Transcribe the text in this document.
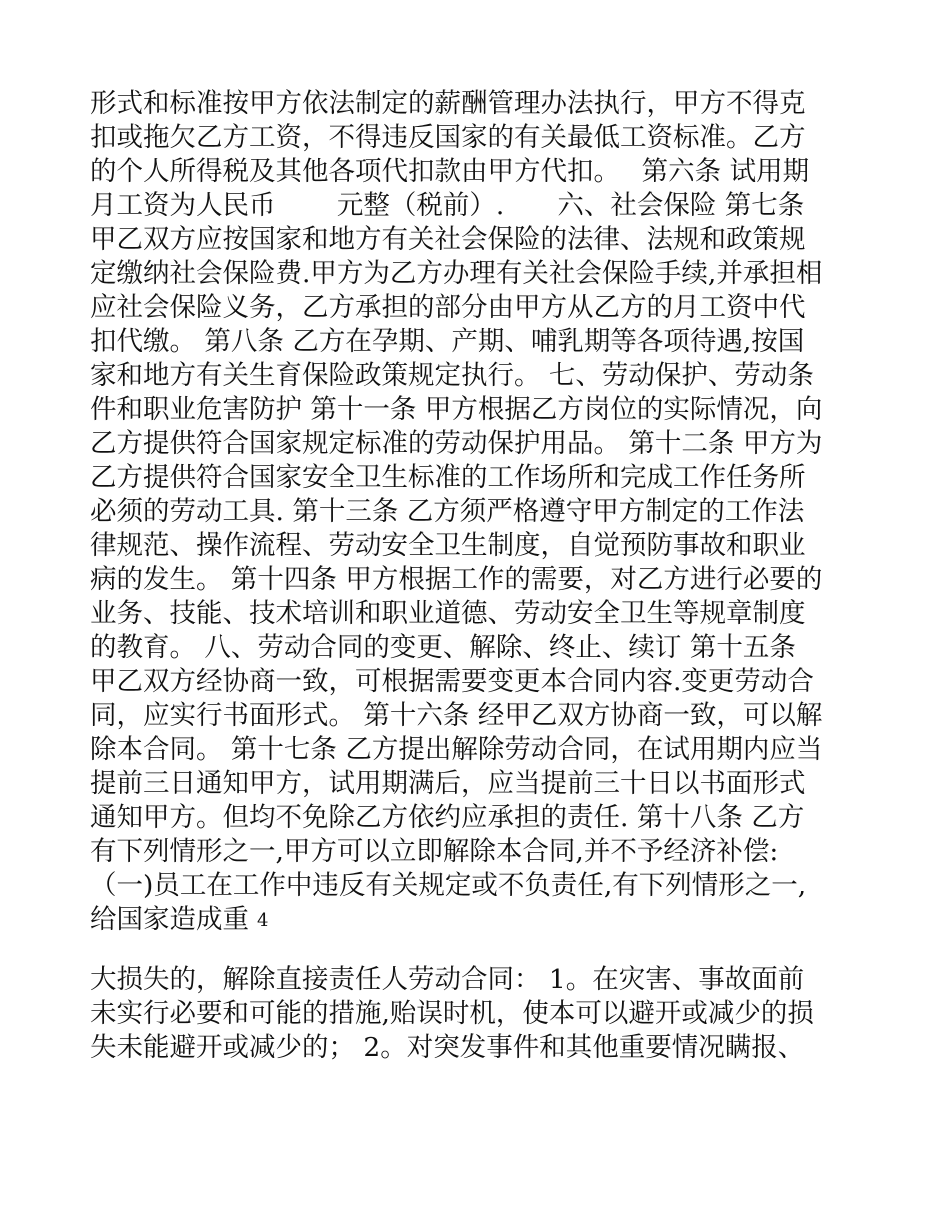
形式和标准按甲方依法制定的薪酬管理办法执行，甲方不得克
扣或拖欠乙方工资，不得违反国家的有关最低工资标准。乙方
的个人所得税及其他各项代扣款由甲方代扣。　 第六条 试用期
月工资为人民币　　 元整（税前）.　　六、社会保险 第七条
甲乙双方应按国家和地方有关社会保险的法律、法规和政策规
定缴纳社会保险费.甲方为乙方办理有关社会保险手续,并承担相
应社会保险义务，乙方承担的部分由甲方从乙方的月工资中代
扣代缴。 第八条 乙方在孕期、产期、哺乳期等各项待遇,按国
家和地方有关生育保险政策规定执行。 七、劳动保护、劳动条
件和职业危害防护 第十一条 甲方根据乙方岗位的实际情况，向
乙方提供符合国家规定标准的劳动保护用品。 第十二条 甲方为
乙方提供符合国家安全卫生标准的工作场所和完成工作任务所
必须的劳动工具. 第十三条 乙方须严格遵守甲方制定的工作法
律规范、操作流程、劳动安全卫生制度，自觉预防事故和职业
病的发生。 第十四条 甲方根据工作的需要，对乙方进行必要的
业务、技能、技术培训和职业道德、劳动安全卫生等规章制度
的教育。 八、劳动合同的变更、解除、终止、续订 第十五条
甲乙双方经协商一致，可根据需要变更本合同内容.变更劳动合
同，应实行书面形式。 第十六条 经甲乙双方协商一致，可以解
除本合同。 第十七条 乙方提出解除劳动合同，在试用期内应当
提前三日通知甲方，试用期满后，应当提前三十日以书面形式
通知甲方。但均不免除乙方依约应承担的责任. 第十八条 乙方
有下列情形之一,甲方可以立即解除本合同,并不予经济补偿:
（一)员工在工作中违反有关规定或不负责任,有下列情形之一,
给国家造成重 4
大损失的，解除直接责任人劳动合同： 1。在灾害、事故面前
未实行必要和可能的措施,贻误时机，使本可以避开或减少的损
失未能避开或减少的； 2。对突发事件和其他重要情况瞒报、
